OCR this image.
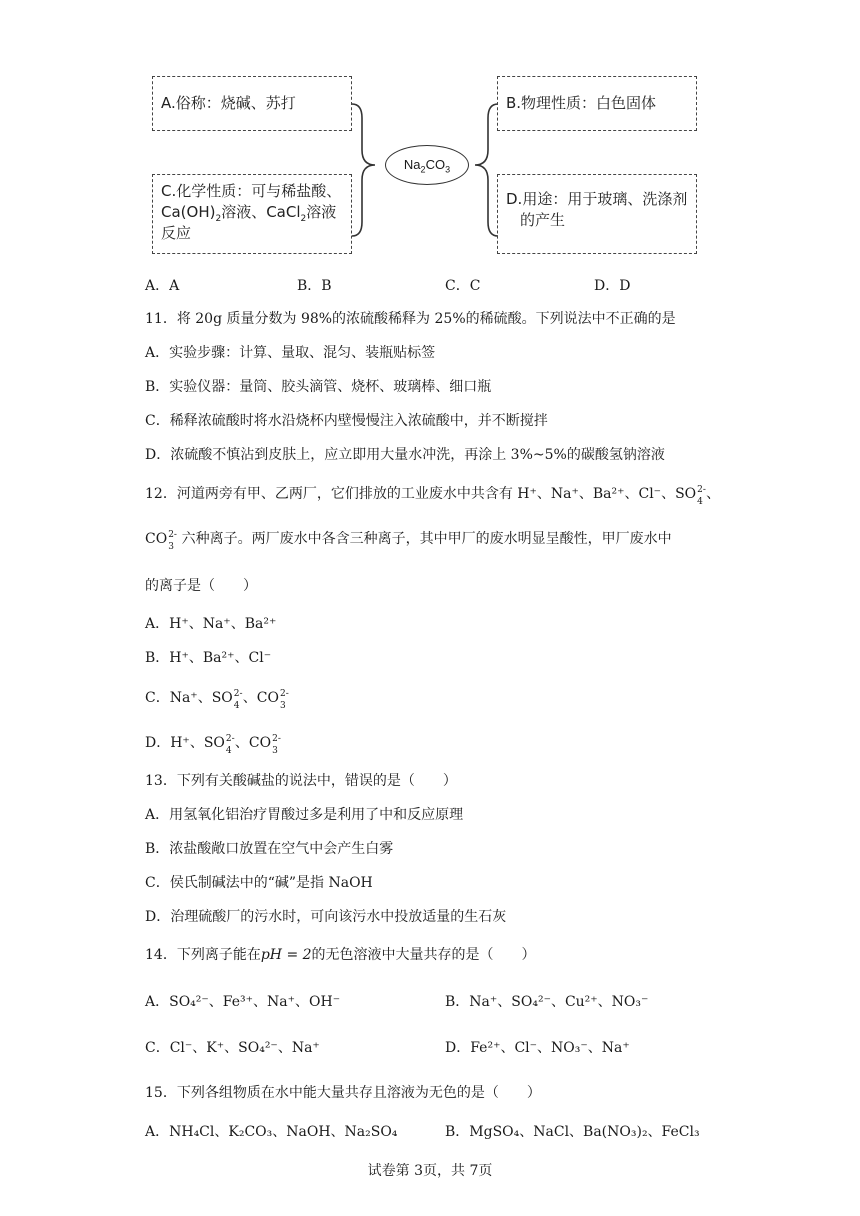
A.俗称：烧碱、苏打	B.物理性质：白色固体
C.化学性质：可与稀盐酸、
$Ca(OH)_2$溶液、CaCl$_2$溶液
反应
D.用途：用于玻璃、洗涤剂
的产生
$Na_2CO_3$
A．A	B．B	C．C	D．D
11．将 20g 质量分数为 98%的浓硫酸稀释为 25%的稀硫酸。下列说法中不正确的是
A．实验步骤：计算、量取、混匀、装瓶贴标签
B．实验仪器：量筒、胶头滴管、烧杯、玻璃棒、细口瓶
C．稀释浓硫酸时将水沿烧杯内壁慢慢注入浓硫酸中，并不断搅拌
D．浓硫酸不慎沾到皮肤上，应立即用大量水冲洗，再涂上 3%~5%的碳酸氢钠溶液
12．河道两旁有甲、乙两厂，它们排放的工业废水中共含有 H⁺、Na⁺、Ba²⁺、Cl⁻、SO 2-
4 、
CO 2-
3 六种离子。两厂废水中各含三种离子，其中甲厂的废水明显呈酸性，甲厂废水中
的离子是（　　）
A．H⁺、Na⁺、Ba²⁺
B．H⁺、Ba²⁺、Cl⁻
C．Na⁺、SO 2-
4 、CO 2-
3
D．H⁺、SO 2-
4 、CO 2-
3
13．下列有关酸碱盐的说法中，错误的是（　　）
A．用氢氧化铝治疗胃酸过多是利用了中和反应原理
B．浓盐酸敞口放置在空气中会产生白雾
C．侯氏制碱法中的“碱”是指 NaOH
D．治理硫酸厂的污水时，可向该污水中投放适量的生石灰
14．下列离子能在pH = 2的无色溶液中大量共存的是（　　）
A．SO₄²⁻、Fe³⁺、Na⁺、OH⁻	B．Na⁺、SO₄²⁻、Cu²⁺、NO₃⁻
C．Cl⁻、K⁺、SO₄²⁻、Na⁺	D．Fe²⁺、Cl⁻、NO₃⁻、Na⁺
15．下列各组物质在水中能大量共存且溶液为无色的是（　　）
A．NH₄Cl、K₂CO₃、NaOH、Na₂SO₄	B．MgSO₄、NaCl、Ba(NO₃)₂、FeCl₃
试卷第 3页，共 7页
